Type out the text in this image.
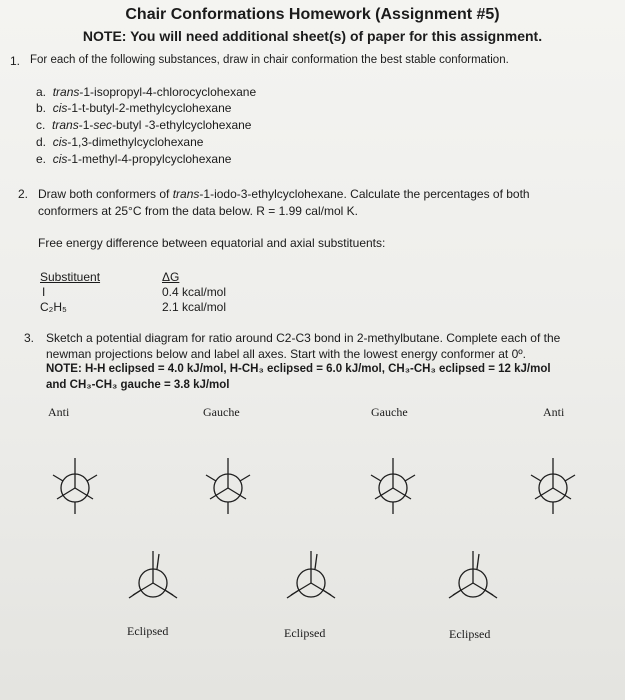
Chair Conformations Homework (Assignment #5)
NOTE: You will need additional sheet(s) of paper for this assignment.
1. For each of the following substances, draw in chair conformation the best stable conformation.
a. trans-1-isopropyl-4-chlorocyclohexane
b. cis-1-t-butyl-2-methylcyclohexane
c. trans-1-sec-butyl -3-ethylcyclohexane
d. cis-1,3-dimethylcyclohexane
e. cis-1-methyl-4-propylcyclohexane
2. Draw both conformers of trans-1-iodo-3-ethylcyclohexane. Calculate the percentages of both
conformers at 25°C from the data below. R = 1.99 cal/mol K.
Free energy difference between equatorial and axial substituents:
Substituent	ΔG
I	0.4 kcal/mol
C₂H₅	2.1 kcal/mol
3. Sketch a potential diagram for ratio around C2-C3 bond in 2-methylbutane. Complete each of the
newman projections below and label all axes. Start with the lowest energy conformer at 0º.
NOTE: H-H eclipsed = 4.0 kJ/mol, H-CH₃ eclipsed = 6.0 kJ/mol, CH₃-CH₃ eclipsed = 12 kJ/mol
and CH₃-CH₃ gauche = 3.8 kJ/mol
Anti	Gauche	Gauche	Anti
Eclipsed	Eclipsed	Eclipsed
